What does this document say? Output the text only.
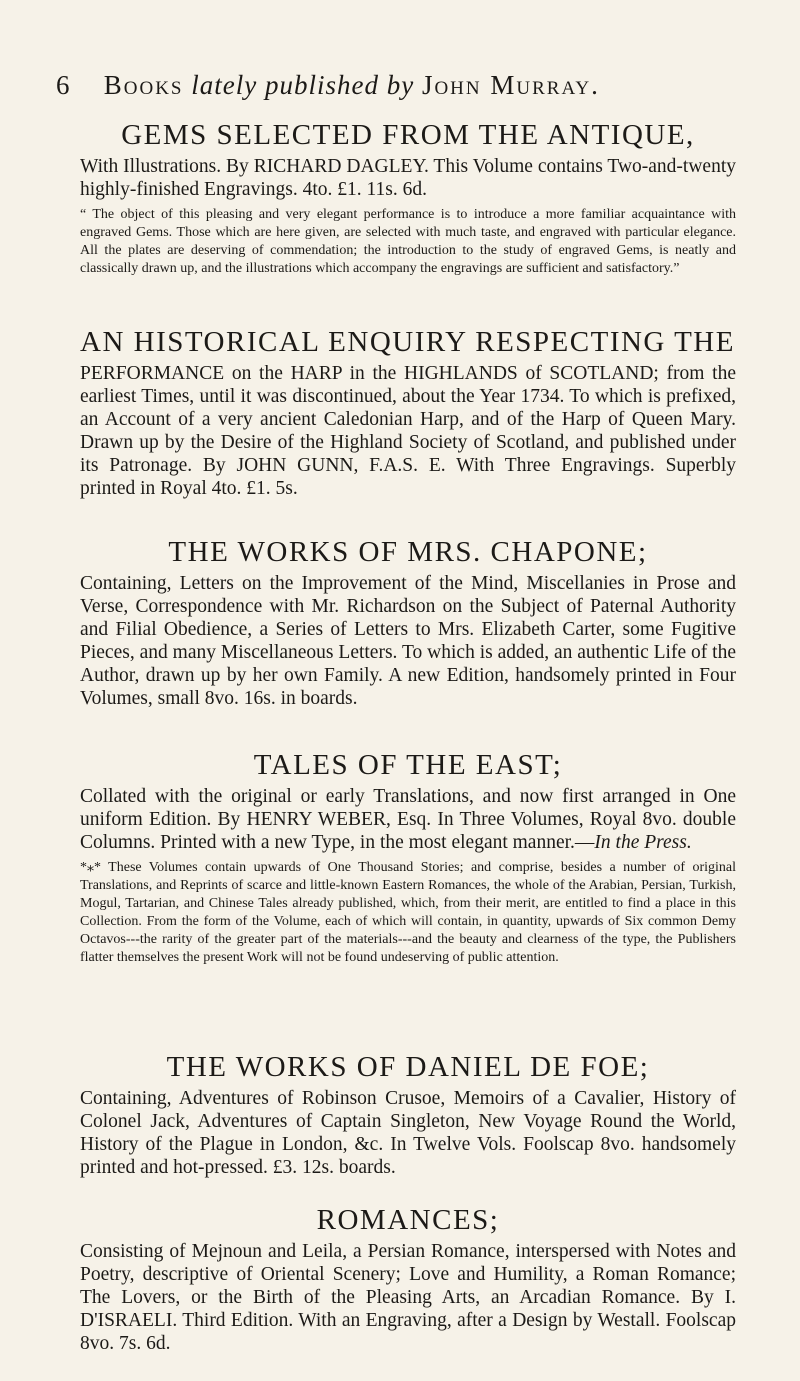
6 Books lately published by John Murray.
GEMS SELECTED FROM THE ANTIQUE,

With Illustrations. By RICHARD DAGLEY. This Volume contains Two-and-twenty highly-finished Engravings. 4to. £1. 11s. 6d.

“ The object of this pleasing and very elegant performance is to introduce a more familiar acquaintance with engraved Gems. Those which are here given, are selected with much taste, and engraved with particular elegance. All the plates are deserving of commendation; the introduction to the study of engraved Gems, is neatly and classically drawn up, and the illustrations which accompany the engravings are sufficient and satisfactory.”

AN HISTORICAL ENQUIRY RESPECTING THE

PERFORMANCE on the HARP in the HIGHLANDS of SCOTLAND; from the earliest Times, until it was discontinued, about the Year 1734. To which is prefixed, an Account of a very ancient Caledonian Harp, and of the Harp of Queen Mary. Drawn up by the Desire of the Highland Society of Scotland, and published under its Patronage. By JOHN GUNN, F.A.S. E. With Three Engravings. Superbly printed in Royal 4to. £1. 5s.

THE WORKS OF MRS. CHAPONE;

Containing, Letters on the Improvement of the Mind, Miscellanies in Prose and Verse, Correspondence with Mr. Richardson on the Subject of Paternal Authority and Filial Obedience, a Series of Letters to Mrs. Elizabeth Carter, some Fugitive Pieces, and many Miscellaneous Letters. To which is added, an authentic Life of the Author, drawn up by her own Family. A new Edition, handsomely printed in Four Volumes, small 8vo. 16s. in boards.

TALES OF THE EAST;

Collated with the original or early Translations, and now first arranged in One uniform Edition. By HENRY WEBER, Esq. In Three Volumes, Royal 8vo. double Columns. Printed with a new Type, in the most elegant manner.—In the Press.

*⁎* These Volumes contain upwards of One Thousand Stories; and comprise, besides a number of original Translations, and Reprints of scarce and little-known Eastern Romances, the whole of the Arabian, Persian, Turkish, Mogul, Tartarian, and Chinese Tales already published, which, from their merit, are entitled to find a place in this Collection. From the form of the Volume, each of which will contain, in quantity, upwards of Six common Demy Octavos---the rarity of the greater part of the materials---and the beauty and clearness of the type, the Publishers flatter themselves the present Work will not be found undeserving of public attention.

THE WORKS OF DANIEL DE FOE;

Containing, Adventures of Robinson Crusoe, Memoirs of a Cavalier, History of Colonel Jack, Adventures of Captain Singleton, New Voyage Round the World, History of the Plague in London, &c. In Twelve Vols. Foolscap 8vo. handsomely printed and hot-pressed. £3. 12s. boards.

ROMANCES;

Consisting of Mejnoun and Leila, a Persian Romance, interspersed with Notes and Poetry, descriptive of Oriental Scenery; Love and Humility, a Roman Romance; The Lovers, or the Birth of the Pleasing Arts, an Arcadian Romance. By I. D'ISRAELI. Third Edition. With an Engraving, after a Design by Westall. Foolscap 8vo. 7s. 6d.
